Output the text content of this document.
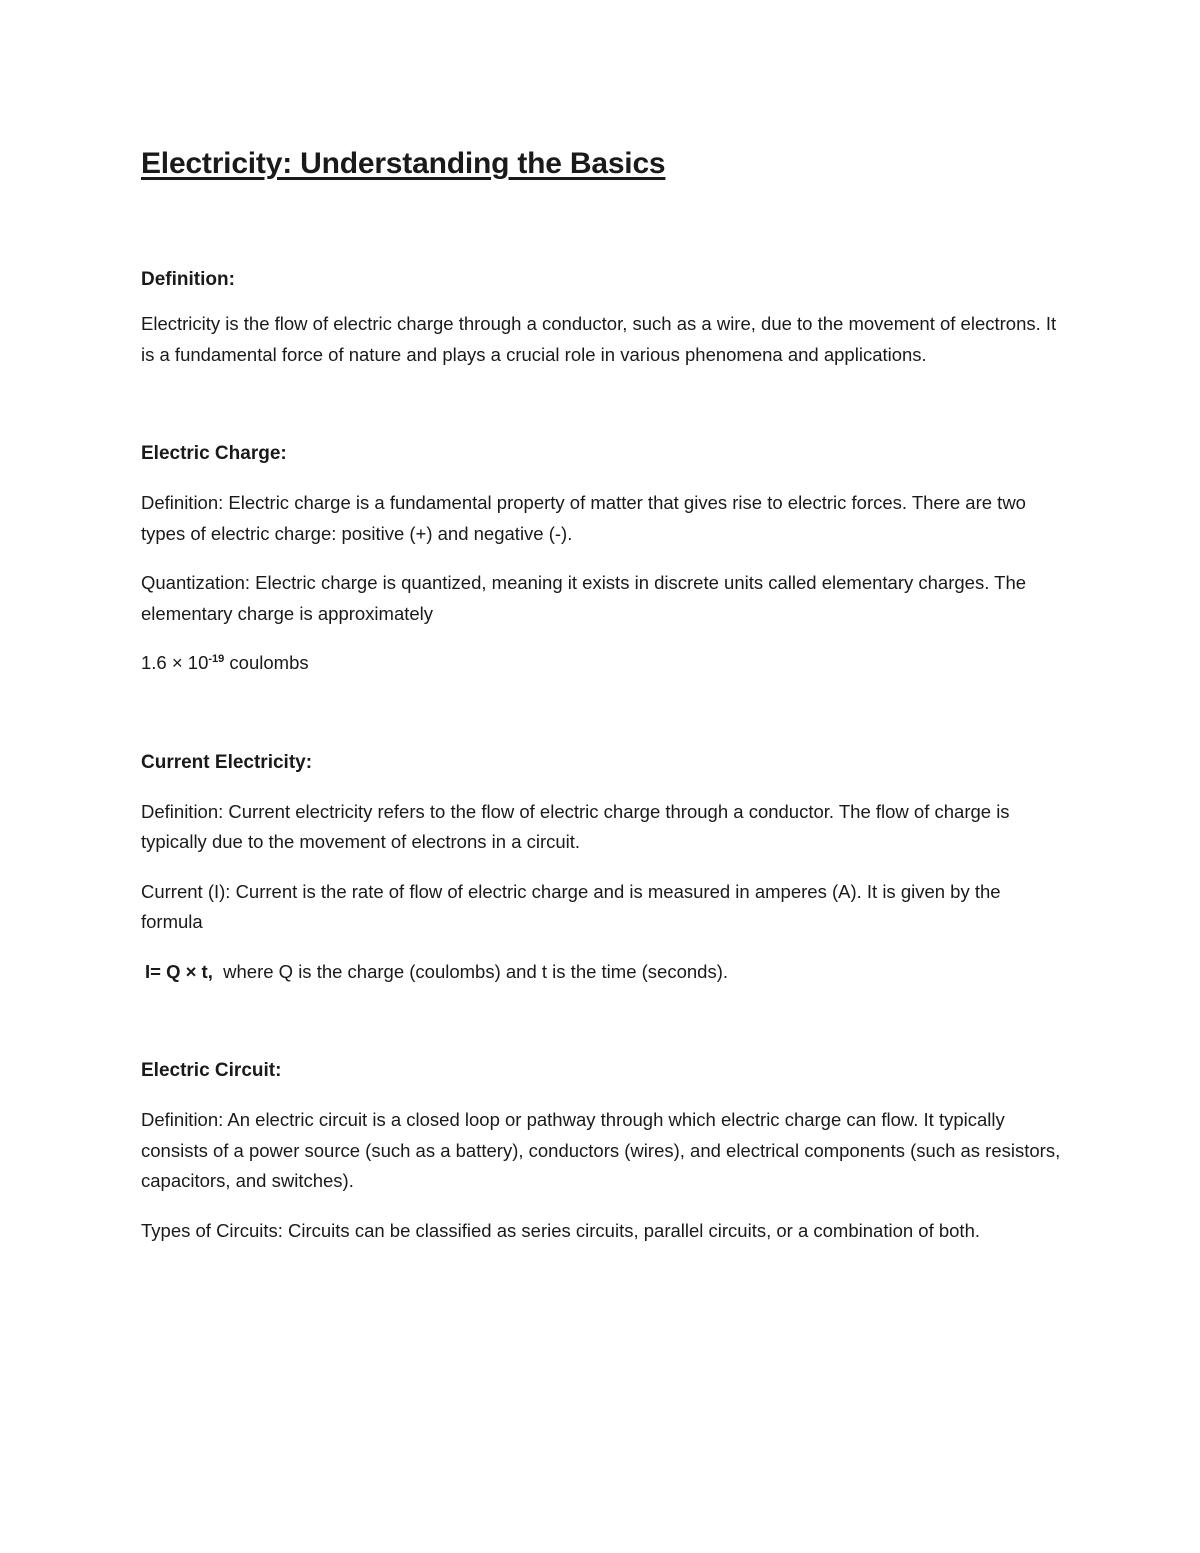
Electricity: Understanding the Basics
Definition:

Electricity is the flow of electric charge through a conductor, such as a wire, due to the movement of electrons. It is a fundamental force of nature and plays a crucial role in various phenomena and applications.

Electric Charge:

Definition: Electric charge is a fundamental property of matter that gives rise to electric forces. There are two types of electric charge: positive (+) and negative (-).

Quantization: Electric charge is quantized, meaning it exists in discrete units called elementary charges. The elementary charge is approximately

$1.6 \times 10^{-19}$ coulombs

Current Electricity:

Definition: Current electricity refers to the flow of electric charge through a conductor. The flow of charge is typically due to the movement of electrons in a circuit.

Current (I): Current is the rate of flow of electric charge and is measured in amperes (A). It is given by the formula

I= Q × t,  where Q is the charge (coulombs) and t is the time (seconds).

Electric Circuit:

Definition: An electric circuit is a closed loop or pathway through which electric charge can flow. It typically consists of a power source (such as a battery), conductors (wires), and electrical components (such as resistors, capacitors, and switches).

Types of Circuits: Circuits can be classified as series circuits, parallel circuits, or a combination of both.
